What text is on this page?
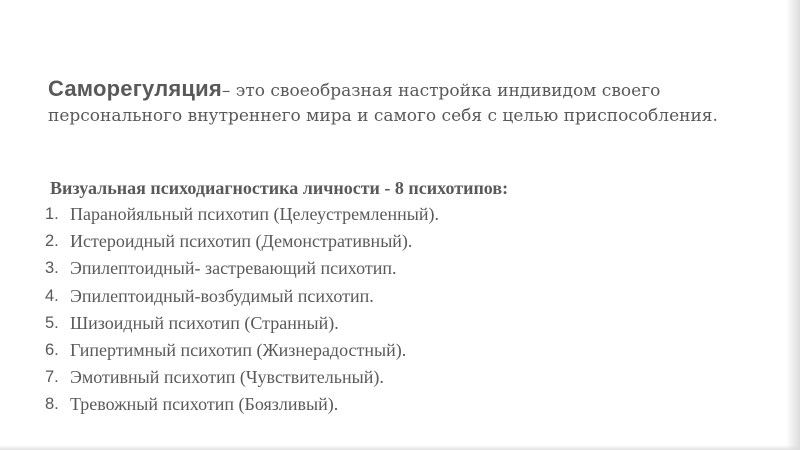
Саморегуляция– это своеобразная настройка индивидом своего персонального внутреннего мира и самого себя с целью приспособления.

Визуальная психодиагностика личности - 8 психотипов:

1. Паранойяльный психотип (Целеустремленный).
2. Истероидный психотип (Демонстративный).
3. Эпилептоидный- застревающий психотип.
4. Эпилептоидный-возбудимый психотип.
5. Шизоидный психотип (Странный).
6. Гипертимный психотип (Жизнерадостный).
7. Эмотивный психотип (Чувствительный).
8. Тревожный психотип (Боязливый).
